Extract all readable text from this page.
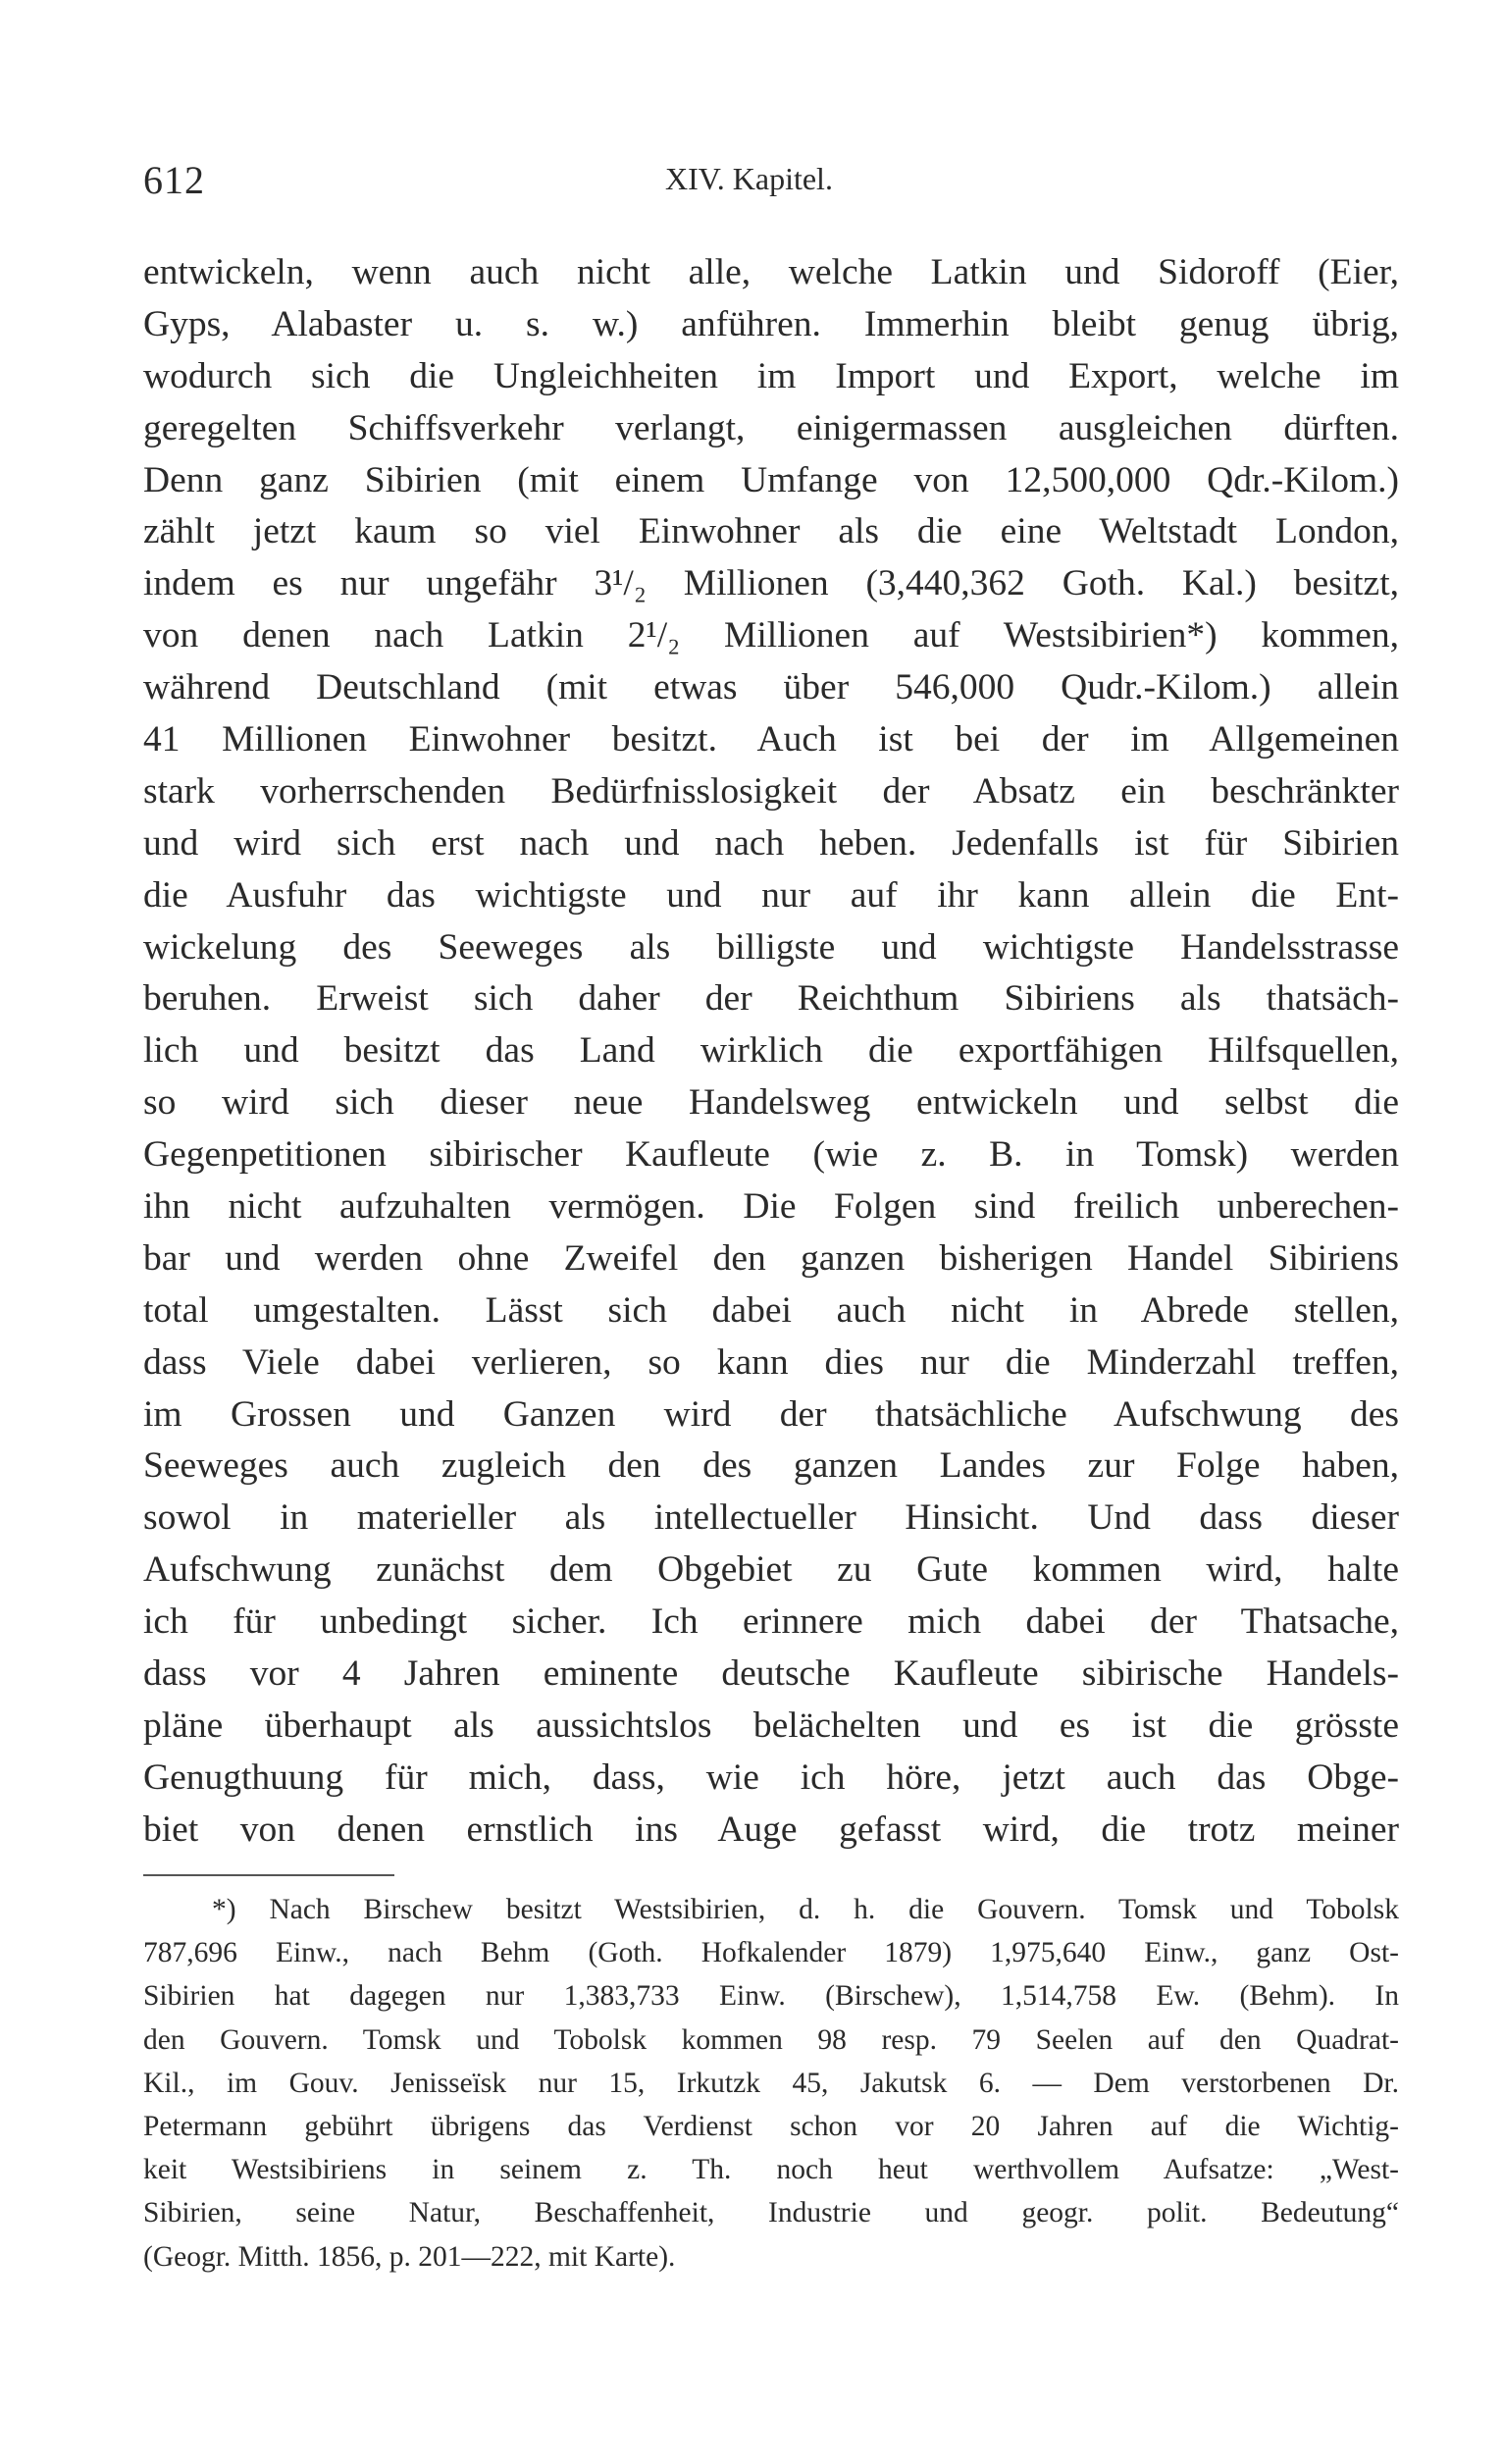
612	XIV. Kapitel.
entwickeln, wenn auch nicht alle, welche Latkin und Sidoroff (Eier,
Gyps, Alabaster u. s. w.) anführen. Immerhin bleibt genug übrig,
wodurch sich die Ungleichheiten im Import und Export, welche im
geregelten Schiffsverkehr verlangt, einigermassen ausgleichen dürften.
Denn ganz Sibirien (mit einem Umfange von 12,500,000 Qdr.-Kilom.)
zählt jetzt kaum so viel Einwohner als die eine Weltstadt London,
indem es nur ungefähr 3¹/₂ Millionen (3,440,362 Goth. Kal.) besitzt,
von denen nach Latkin 2¹/₂ Millionen auf Westsibirien*) kommen,
während Deutschland (mit etwas über 546,000 Qudr.-Kilom.) allein
41 Millionen Einwohner besitzt. Auch ist bei der im Allgemeinen
stark vorherrschenden Bedürfnisslosigkeit der Absatz ein beschränkter
und wird sich erst nach und nach heben. Jedenfalls ist für Sibirien
die Ausfuhr das wichtigste und nur auf ihr kann allein die Ent-
wickelung des Seeweges als billigste und wichtigste Handelsstrasse
beruhen. Erweist sich daher der Reichthum Sibiriens als thatsäch-
lich und besitzt das Land wirklich die exportfähigen Hilfsquellen,
so wird sich dieser neue Handelsweg entwickeln und selbst die
Gegenpetitionen sibirischer Kaufleute (wie z. B. in Tomsk) werden
ihn nicht aufzuhalten vermögen. Die Folgen sind freilich unberechen-
bar und werden ohne Zweifel den ganzen bisherigen Handel Sibiriens
total umgestalten. Lässt sich dabei auch nicht in Abrede stellen,
dass Viele dabei verlieren, so kann dies nur die Minderzahl treffen,
im Grossen und Ganzen wird der thatsächliche Aufschwung des
Seeweges auch zugleich den des ganzen Landes zur Folge haben,
sowol in materieller als intellectueller Hinsicht. Und dass dieser
Aufschwung zunächst dem Obgebiet zu Gute kommen wird, halte
ich für unbedingt sicher. Ich erinnere mich dabei der Thatsache,
dass vor 4 Jahren eminente deutsche Kaufleute sibirische Handels-
pläne überhaupt als aussichtslos belächelten und es ist die grösste
Genugthuung für mich, dass, wie ich höre, jetzt auch das Obge-
biet von denen ernstlich ins Auge gefasst wird, die trotz meiner
*) Nach Birschew besitzt Westsibirien, d. h. die Gouvern. Tomsk und Tobolsk
787,696 Einw., nach Behm (Goth. Hofkalender 1879) 1,975,640 Einw., ganz Ost-
Sibirien hat dagegen nur 1,383,733 Einw. (Birschew), 1,514,758 Ew. (Behm). In
den Gouvern. Tomsk und Tobolsk kommen 98 resp. 79 Seelen auf den Quadrat-
Kil., im Gouv. Jenisseïsk nur 15, Irkutzk 45, Jakutsk 6. — Dem verstorbenen Dr.
Petermann gebührt übrigens das Verdienst schon vor 20 Jahren auf die Wichtig-
keit Westsibiriens in seinem z. Th. noch heut werthvollem Aufsatze: „West-
Sibirien, seine Natur, Beschaffenheit, Industrie und geogr. polit. Bedeutung“
(Geogr. Mitth. 1856, p. 201—222, mit Karte).
